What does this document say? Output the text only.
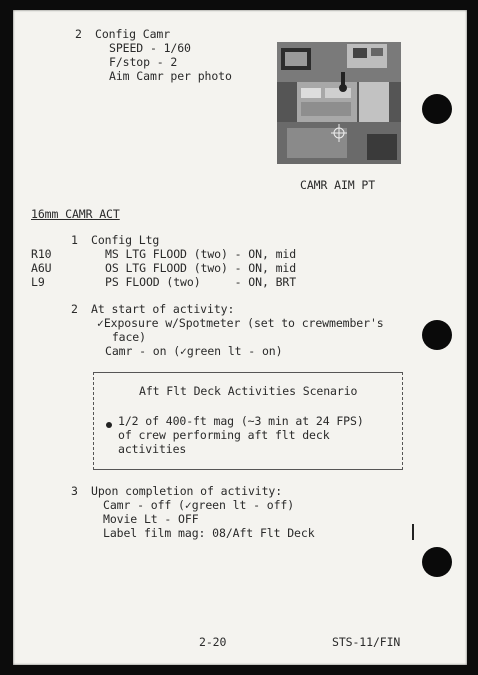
2 Config Camr
SPEED - 1/60
F/stop - 2
Aim Camr per photo
CAMR AIM PT
16mm CAMR ACT
1 Config Ltg
R10	MS LTG FLOOD (two) - ON, mid
A6U	OS LTG FLOOD (two) - ON, mid
L9	PS FLOOD (two)     - ON, BRT
2 At start of activity:
✓Exposure w/Spotmeter (set to crewmember's
face)
Camr - on (✓green lt - on)
Aft Flt Deck Activities Scenario
1/2 of 400-ft mag (~3 min at 24 FPS)
of crew performing aft flt deck
activities
3 Upon completion of activity:
Camr - off (✓green lt - off)
Movie Lt - OFF
Label film mag: 08/Aft Flt Deck
2-20	STS-11/FIN
